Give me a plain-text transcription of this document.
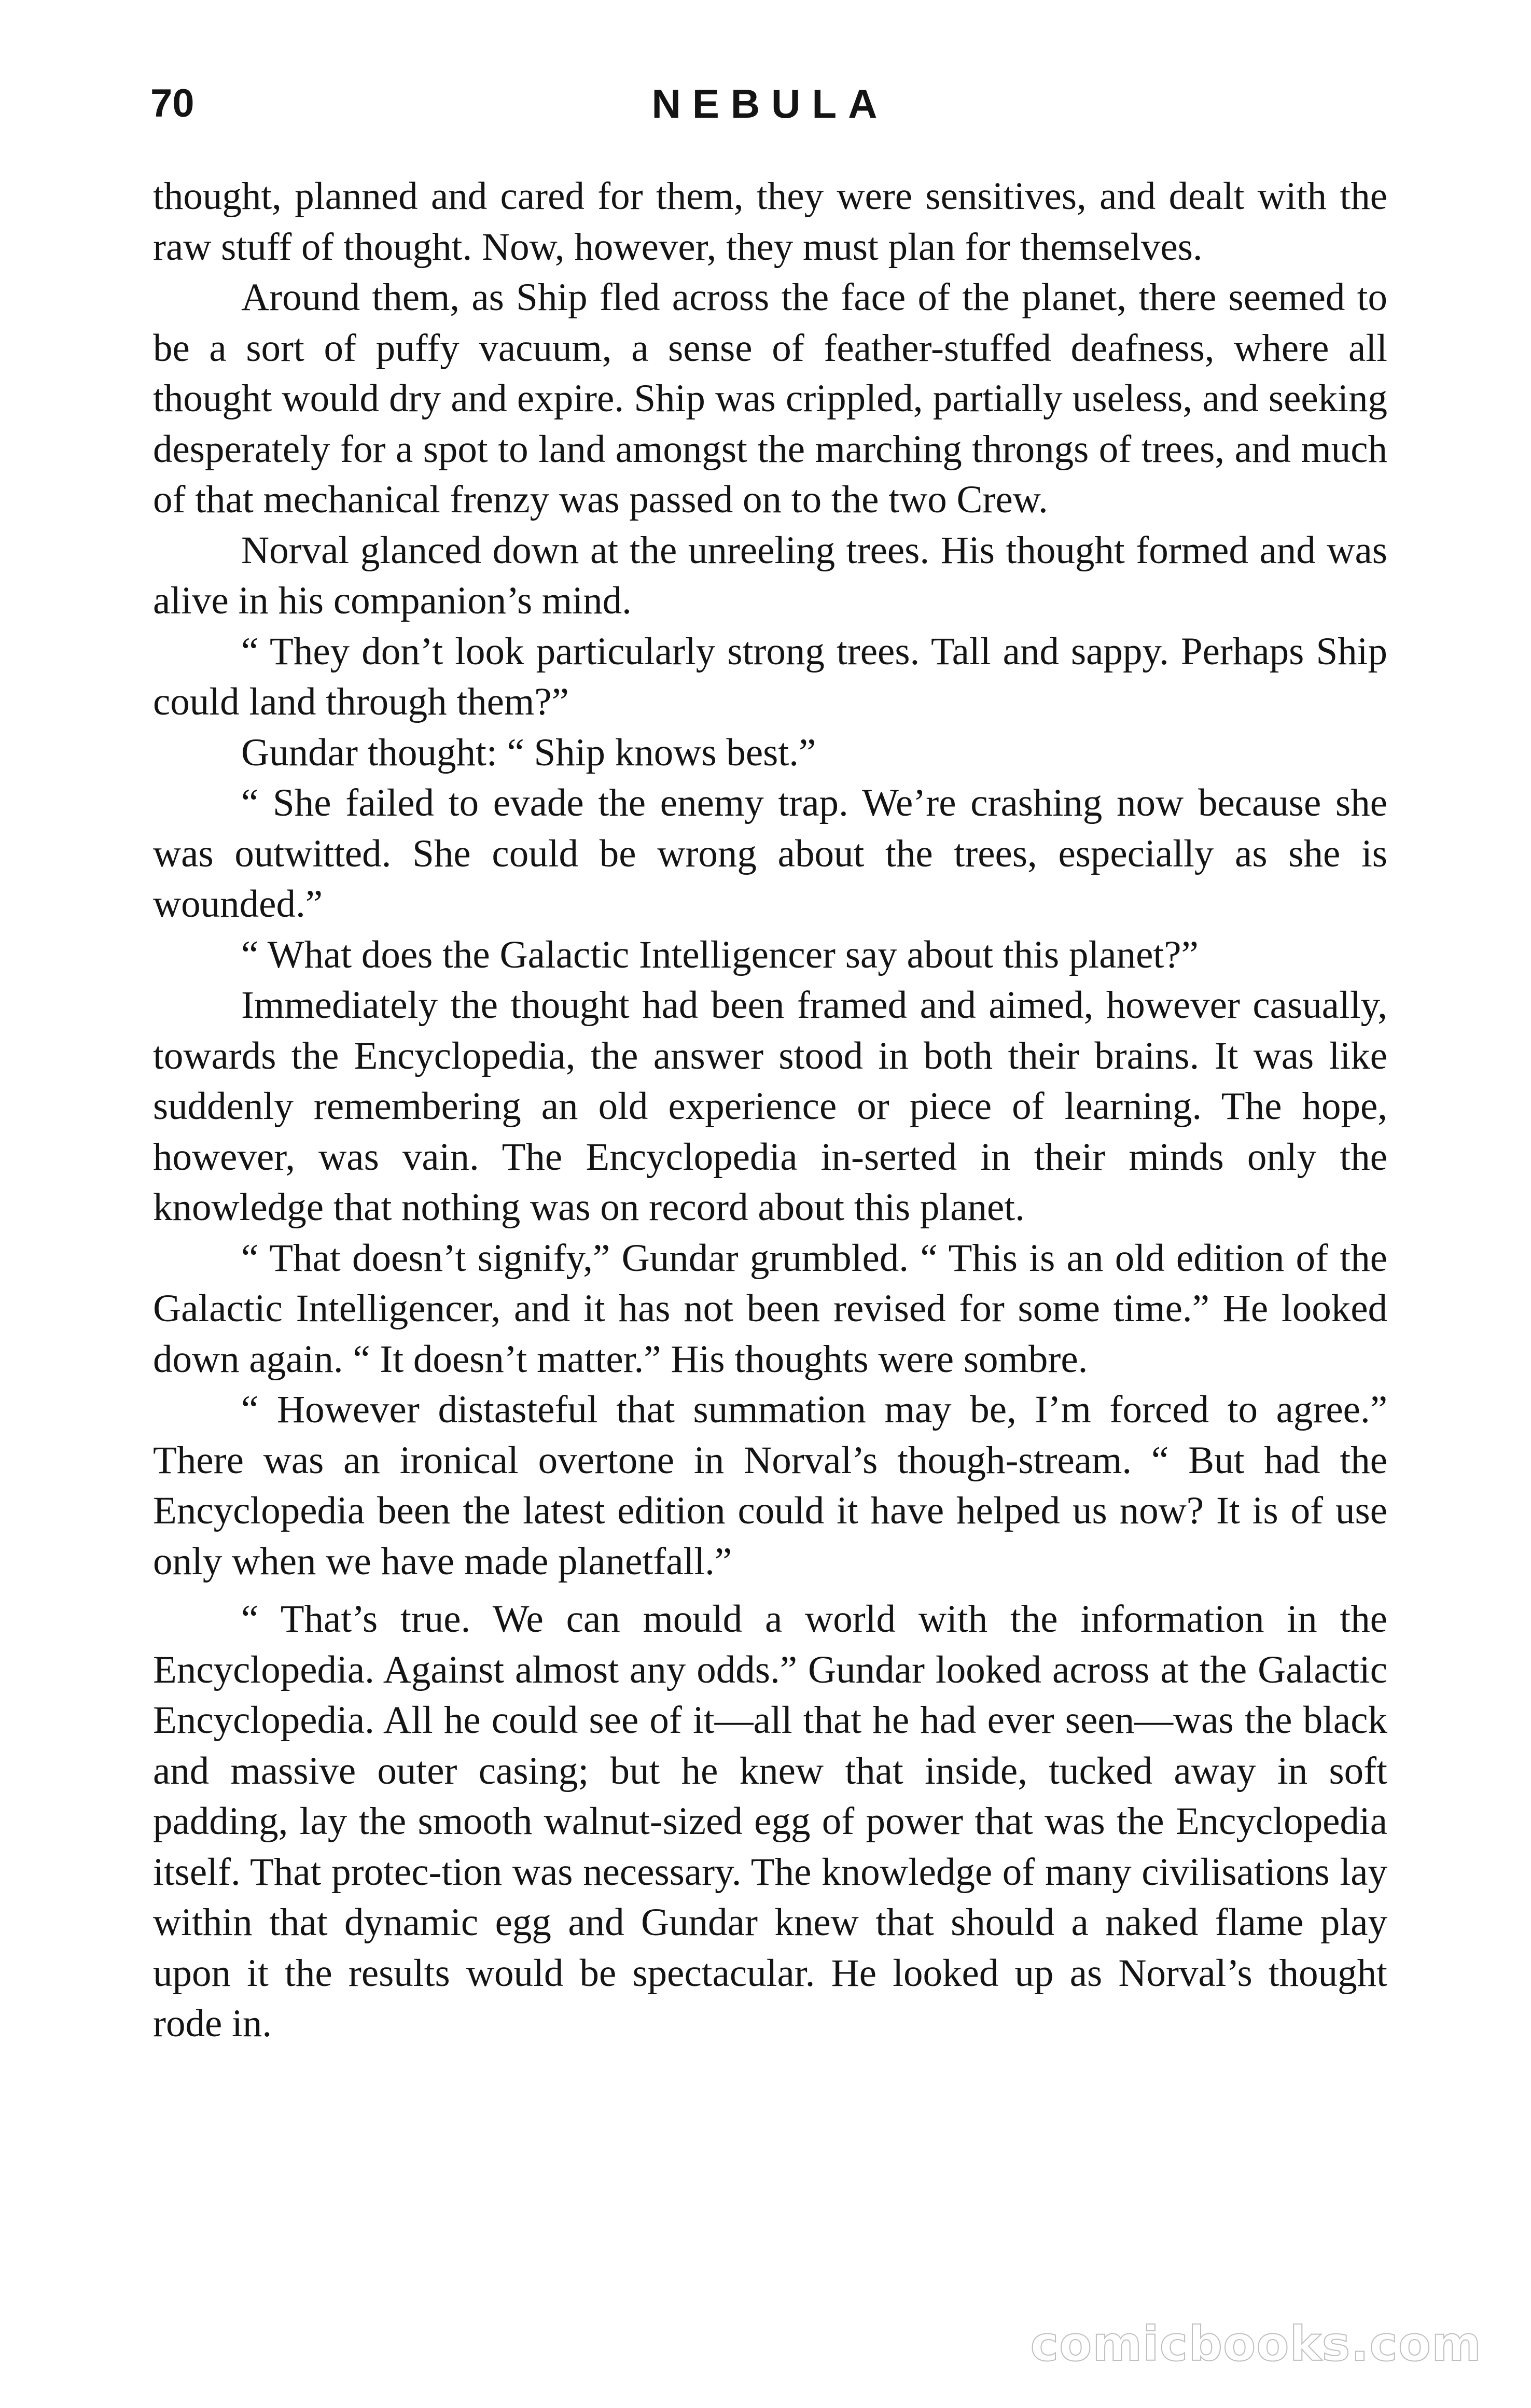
70	NEBULA

thought, planned and cared for them, they were sensitives, and dealt with the raw stuff of thought. Now, however, they must plan for themselves.

Around them, as Ship fled across the face of the planet, there seemed to be a sort of puffy vacuum, a sense of feather-stuffed deafness, where all thought would dry and expire. Ship was crippled, partially useless, and seeking desperately for a spot to land amongst the marching throngs of trees, and much of that mechanical frenzy was passed on to the two Crew.

Norval glanced down at the unreeling trees. His thought formed and was alive in his companion’s mind.

“ They don’t look particularly strong trees. Tall and sappy. Perhaps Ship could land through them?”

Gundar thought: “ Ship knows best.”

“ She failed to evade the enemy trap. We’re crashing now because she was outwitted. She could be wrong about the trees, especially as she is wounded.”

“ What does the Galactic Intelligencer say about this planet?”

Immediately the thought had been framed and aimed, however casually, towards the Encyclopedia, the answer stood in both their brains. It was like suddenly remembering an old experience or piece of learning. The hope, however, was vain. The Encyclopedia in-serted in their minds only the knowledge that nothing was on record about this planet.

“ That doesn’t signify,” Gundar grumbled. “ This is an old edition of the Galactic Intelligencer, and it has not been revised for some time.” He looked down again. “ It doesn’t matter.” His thoughts were sombre.

“ However distasteful that summation may be, I’m forced to agree.” There was an ironical overtone in Norval’s though-stream. “ But had the Encyclopedia been the latest edition could it have helped us now? It is of use only when we have made planetfall.”

“ That’s true. We can mould a world with the information in the Encyclopedia. Against almost any odds.” Gundar looked across at the Galactic Encyclopedia. All he could see of it—all that he had ever seen—was the black and massive outer casing; but he knew that inside, tucked away in soft padding, lay the smooth walnut-sized egg of power that was the Encyclopedia itself. That protec-tion was necessary. The knowledge of many civilisations lay within that dynamic egg and Gundar knew that should a naked flame play upon it the results would be spectacular. He looked up as Norval’s thought rode in.

comicbooks.com
